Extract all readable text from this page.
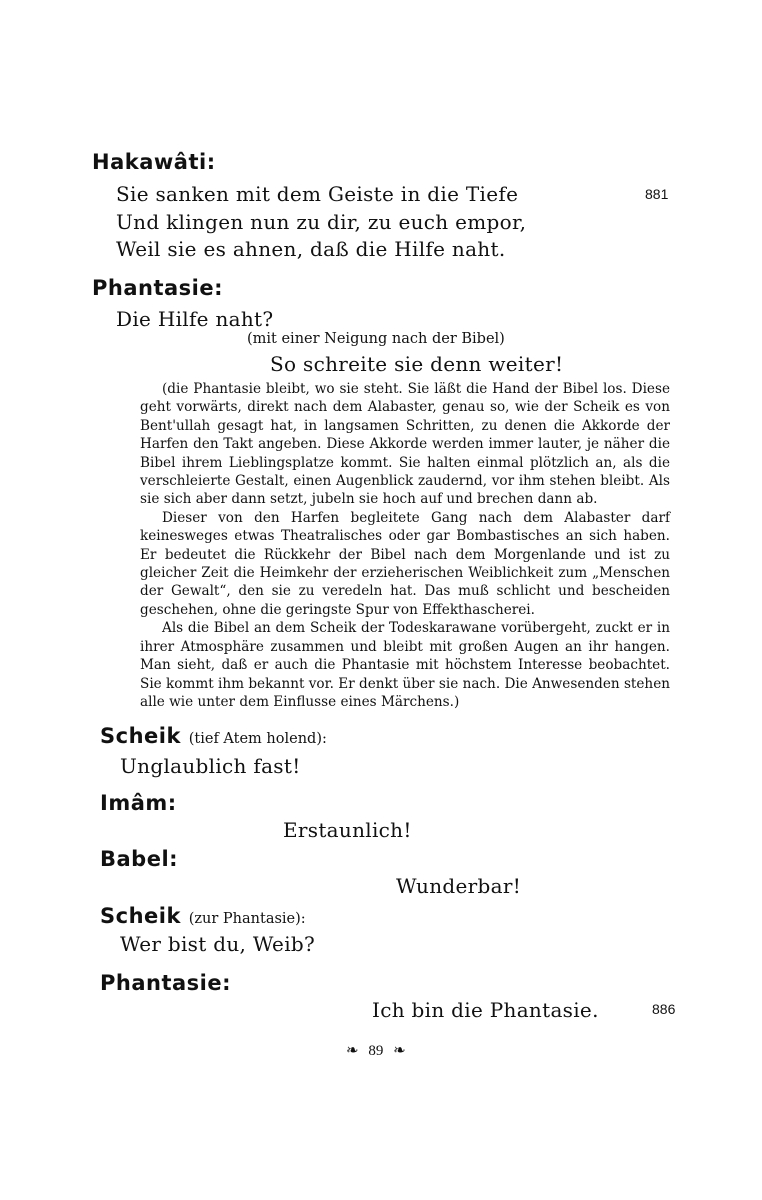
Hakawâti:
Sie sanken mit dem Geiste in die Tiefe	881
Und klingen nun zu dir, zu euch empor,
Weil sie es ahnen, daß die Hilfe naht.
Phantasie:
Die Hilfe naht?
(mit einer Neigung nach der Bibel)
So schreite sie denn weiter!

(die Phantasie bleibt, wo sie steht. Sie läßt die Hand der Bibel los. Diese geht vorwärts, direkt nach dem Alabaster, genau so, wie der Scheik es von Bent'ullah gesagt hat, in langsamen Schritten, zu denen die Akkorde der Harfen den Takt angeben. Diese Akkorde werden immer lauter, je näher die Bibel ihrem Lieblingsplatze kommt. Sie halten einmal plötzlich an, als die verschleierte Gestalt, einen Augenblick zaudernd, vor ihm stehen bleibt. Als sie sich aber dann setzt, jubeln sie hoch auf und brechen dann ab.

Dieser von den Harfen begleitete Gang nach dem Alabaster darf keinesweges etwas Theatralisches oder gar Bombastisches an sich haben. Er bedeutet die Rückkehr der Bibel nach dem Morgenlande und ist zu gleicher Zeit die Heimkehr der erzieherischen Weiblichkeit zum „Menschen der Gewalt“, den sie zu veredeln hat. Das muß schlicht und bescheiden geschehen, ohne die geringste Spur von Effekthascherei.

Als die Bibel an dem Scheik der Todeskarawane vorübergeht, zuckt er in ihrer Atmosphäre zusammen und bleibt mit großen Augen an ihr hangen. Man sieht, daß er auch die Phantasie mit höchstem Interesse beobachtet. Sie kommt ihm bekannt vor. Er denkt über sie nach. Die Anwesenden stehen alle wie unter dem Einflusse eines Märchens.)

Scheik (tief Atem holend):
Unglaublich fast!
Imâm:
Erstaunlich!
Babel:
Wunderbar!
Scheik (zur Phantasie):
Wer bist du, Weib?
Phantasie:
Ich bin die Phantasie.	886
❧ 89 ❧
